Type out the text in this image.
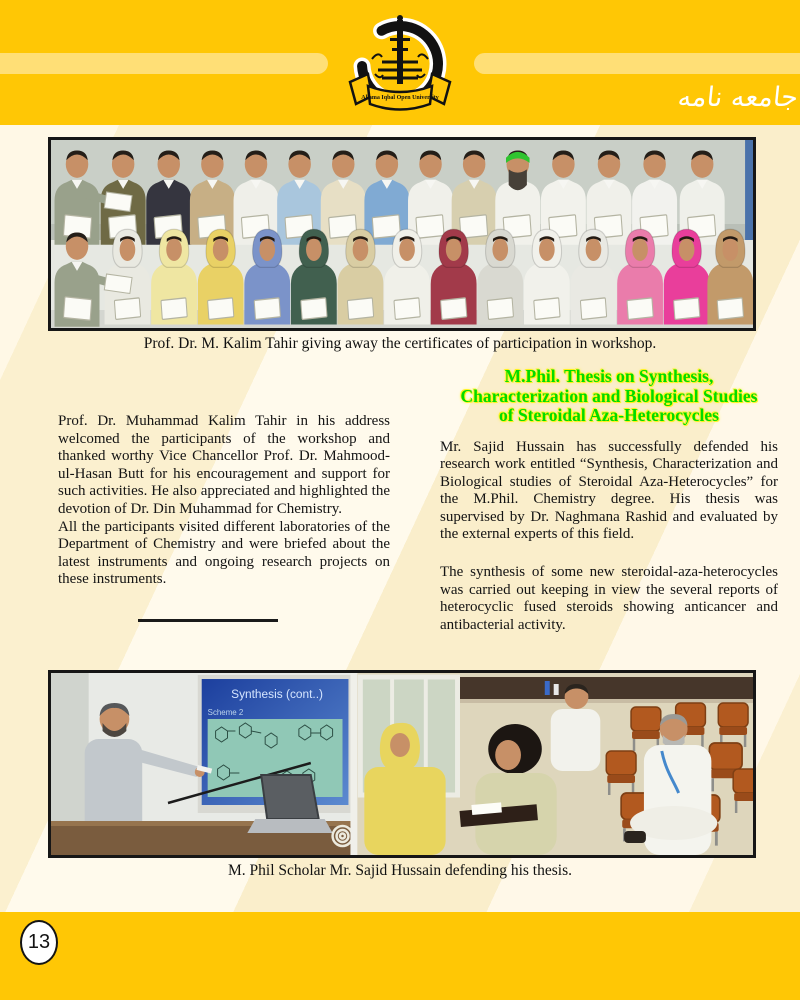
Allama Iqbal Open University	جامعه نامه
Prof. Dr. M. Kalim Tahir giving away the certificates of participation in workshop.

Prof. Dr. Muhammad Kalim Tahir in his address welcomed the participants of the workshop and thanked worthy Vice Chancellor Prof. Dr. Mahmood-ul-Hasan Butt for his encouragement and support for such activities. He also appreciated and highlighted the devotion of Dr. Din Muhammad for Chemistry.

All the participants visited different laboratories of the Department of Chemistry and were briefed about the latest instruments and ongoing research projects on these instruments.

M.Phil. Thesis on Synthesis,
Characterization and Biological Studies
of Steroidal Aza-Heterocycles

Mr. Sajid Hussain has successfully defended his research work entitled “Synthesis, Characterization and Biological studies of Steroidal Aza-Heterocycles” for the M.Phil. Chemistry degree. His thesis was supervised by Dr. Naghmana Rashid and evaluated by the external experts of this field.

The synthesis of some new steroidal-aza-heterocycles was carried out keeping in view the several reports of heterocyclic fused steroids showing anticancer and antibacterial activity.

Synthesis (cont..)
Scheme 2
M. Phil Scholar Mr. Sajid Hussain defending his thesis.
13
